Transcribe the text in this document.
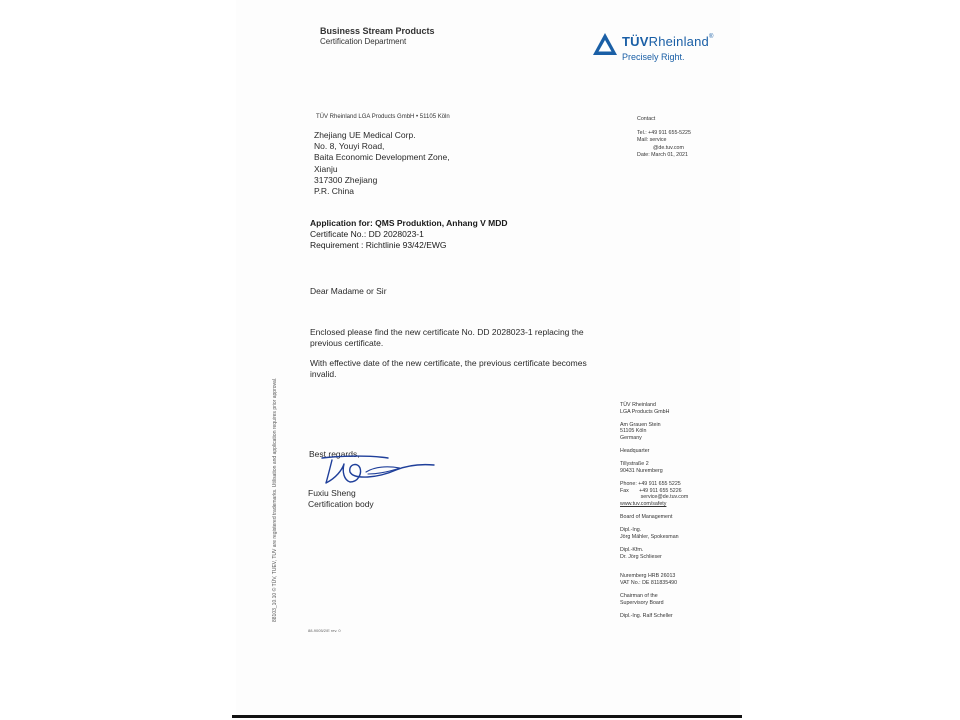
Business Stream Products
Certification Department	TÜVRheinland®
Precisely Right.
TÜV Rheinland LGA Products GmbH • 51105 Köln
Zhejiang UE Medical Corp.
No. 8, Youyi Road,
Baita Economic Development Zone,
Xianju
317300 Zhejiang
P.R. China
Contact
Tel.: +49 911 655-5225
Mail: service
@de.tuv.com
Date: March 01, 2021
Application for: QMS Produktion, Anhang V MDD
Certificate No.: DD 2028023-1
Requirement : Richtlinie 93/42/EWG
Dear Madame or Sir

Enclosed please find the new certificate No. DD 2028023-1 replacing the previous certificate.

With effective date of the new certificate, the previous certificate becomes invalid.

Best regards,
Fuxiu Sheng
Certification body
TÜV Rheinland
LGA Products GmbH
Am Grauen Stein
51105 Köln
Germany
Headquarter
Tillystraße 2
90431 Nuremberg
Phone: +49 911 655 5225
Fax       +49 911 655 5226
service@de.tuv.com
www.tuv.com/safety
Board of Management
Dipl.-Ing.
Jörg Mähler, Spokesman
Dipl.-Kfm.
Dr. Jörg Schlieser
Nuremberg HRB 26013
VAT No.: DE 811835490
Chairman of the
Supervisory Board
Dipl.-Ing. Ralf Scheller
88103_10.10 © TÜV, TUEV, TUV are registered trademarks. Utilisation and application requires prior approval.
88-9005/2/E rev. 0
